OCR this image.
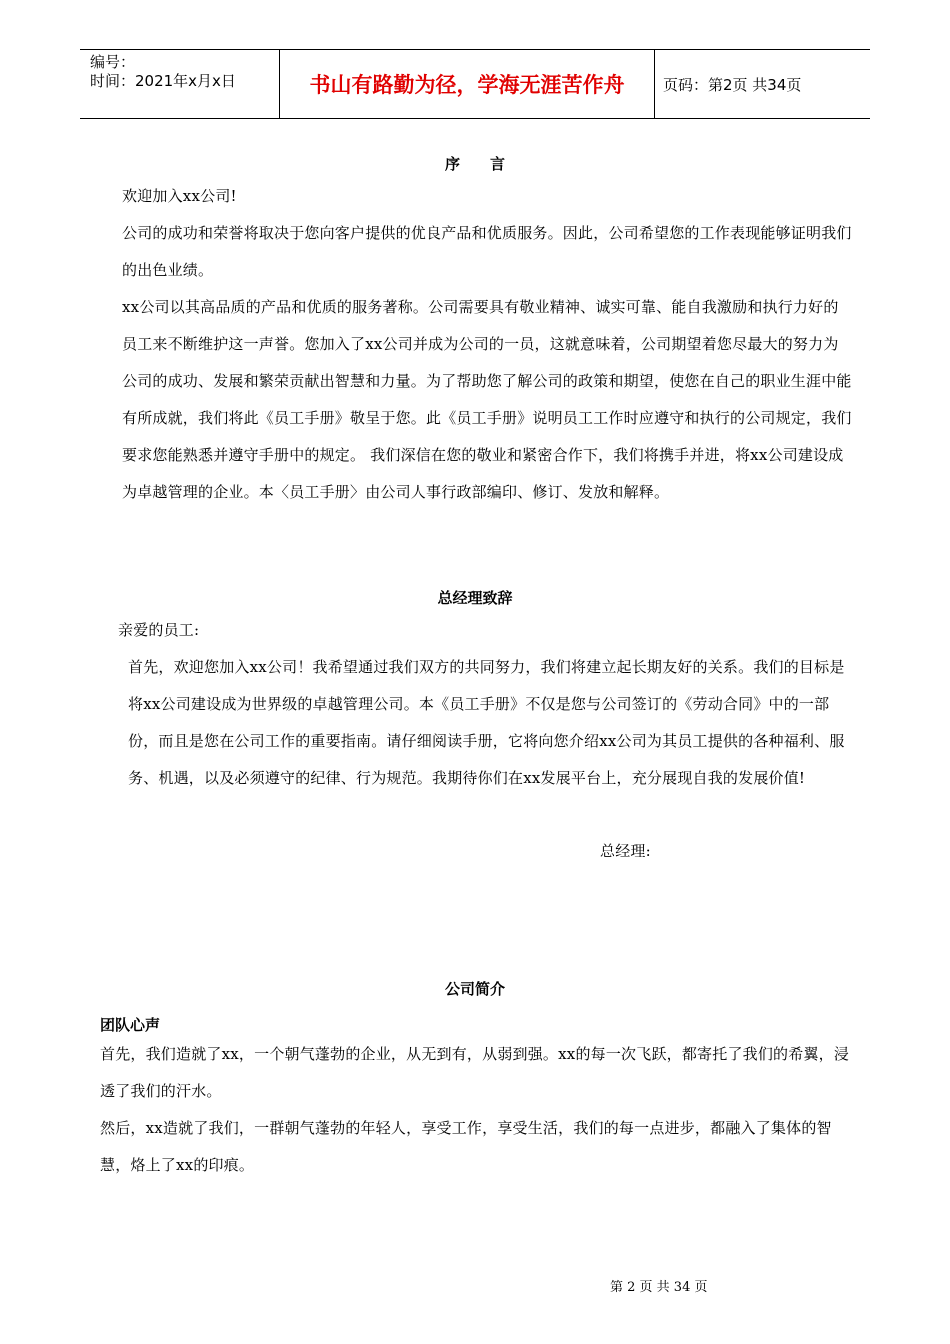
编号：
时间：2021年x月x日	书山有路勤为径，学海无涯苦作舟	页码：第2页 共34页
序　　言
欢迎加入xx公司!
公司的成功和荣誉将取决于您向客户提供的优良产品和优质服务。因此，公司希望您的工作表现能够证明我们的出色业绩。
xx公司以其高品质的产品和优质的服务著称。公司需要具有敬业精神、诚实可靠、能自我激励和执行力好的员工来不断维护这一声誉。您加入了xx公司并成为公司的一员，这就意味着，公司期望着您尽最大的努力为公司的成功、发展和繁荣贡献出智慧和力量。为了帮助您了解公司的政策和期望，使您在自己的职业生涯中能有所成就，我们将此《员工手册》敬呈于您。此《员工手册》说明员工工作时应遵守和执行的公司规定，我们要求您能熟悉并遵守手册中的规定。 我们深信在您的敬业和紧密合作下，我们将携手并进，将xx公司建设成为卓越管理的企业。本〈员工手册〉由公司人事行政部编印、修订、发放和解释。
总经理致辞
亲爱的员工:
首先，欢迎您加入xx公司！我希望通过我们双方的共同努力，我们将建立起长期友好的关系。我们的目标是将xx公司建设成为世界级的卓越管理公司。本《员工手册》不仅是您与公司签订的《劳动合同》中的一部份，而且是您在公司工作的重要指南。请仔细阅读手册，它将向您介绍xx公司为其员工提供的各种福利、服务、机遇，以及必须遵守的纪律、行为规范。我期待你们在xx发展平台上，充分展现自我的发展价值!
总经理:
公司简介
团队心声
首先，我们造就了xx，一个朝气蓬勃的企业，从无到有，从弱到强。xx的每一次飞跃，都寄托了我们的希翼，浸透了我们的汗水。
然后，xx造就了我们，一群朝气蓬勃的年轻人，享受工作，享受生活，我们的每一点进步，都融入了集体的智慧，烙上了xx的印痕。
第 2 页 共 34 页
